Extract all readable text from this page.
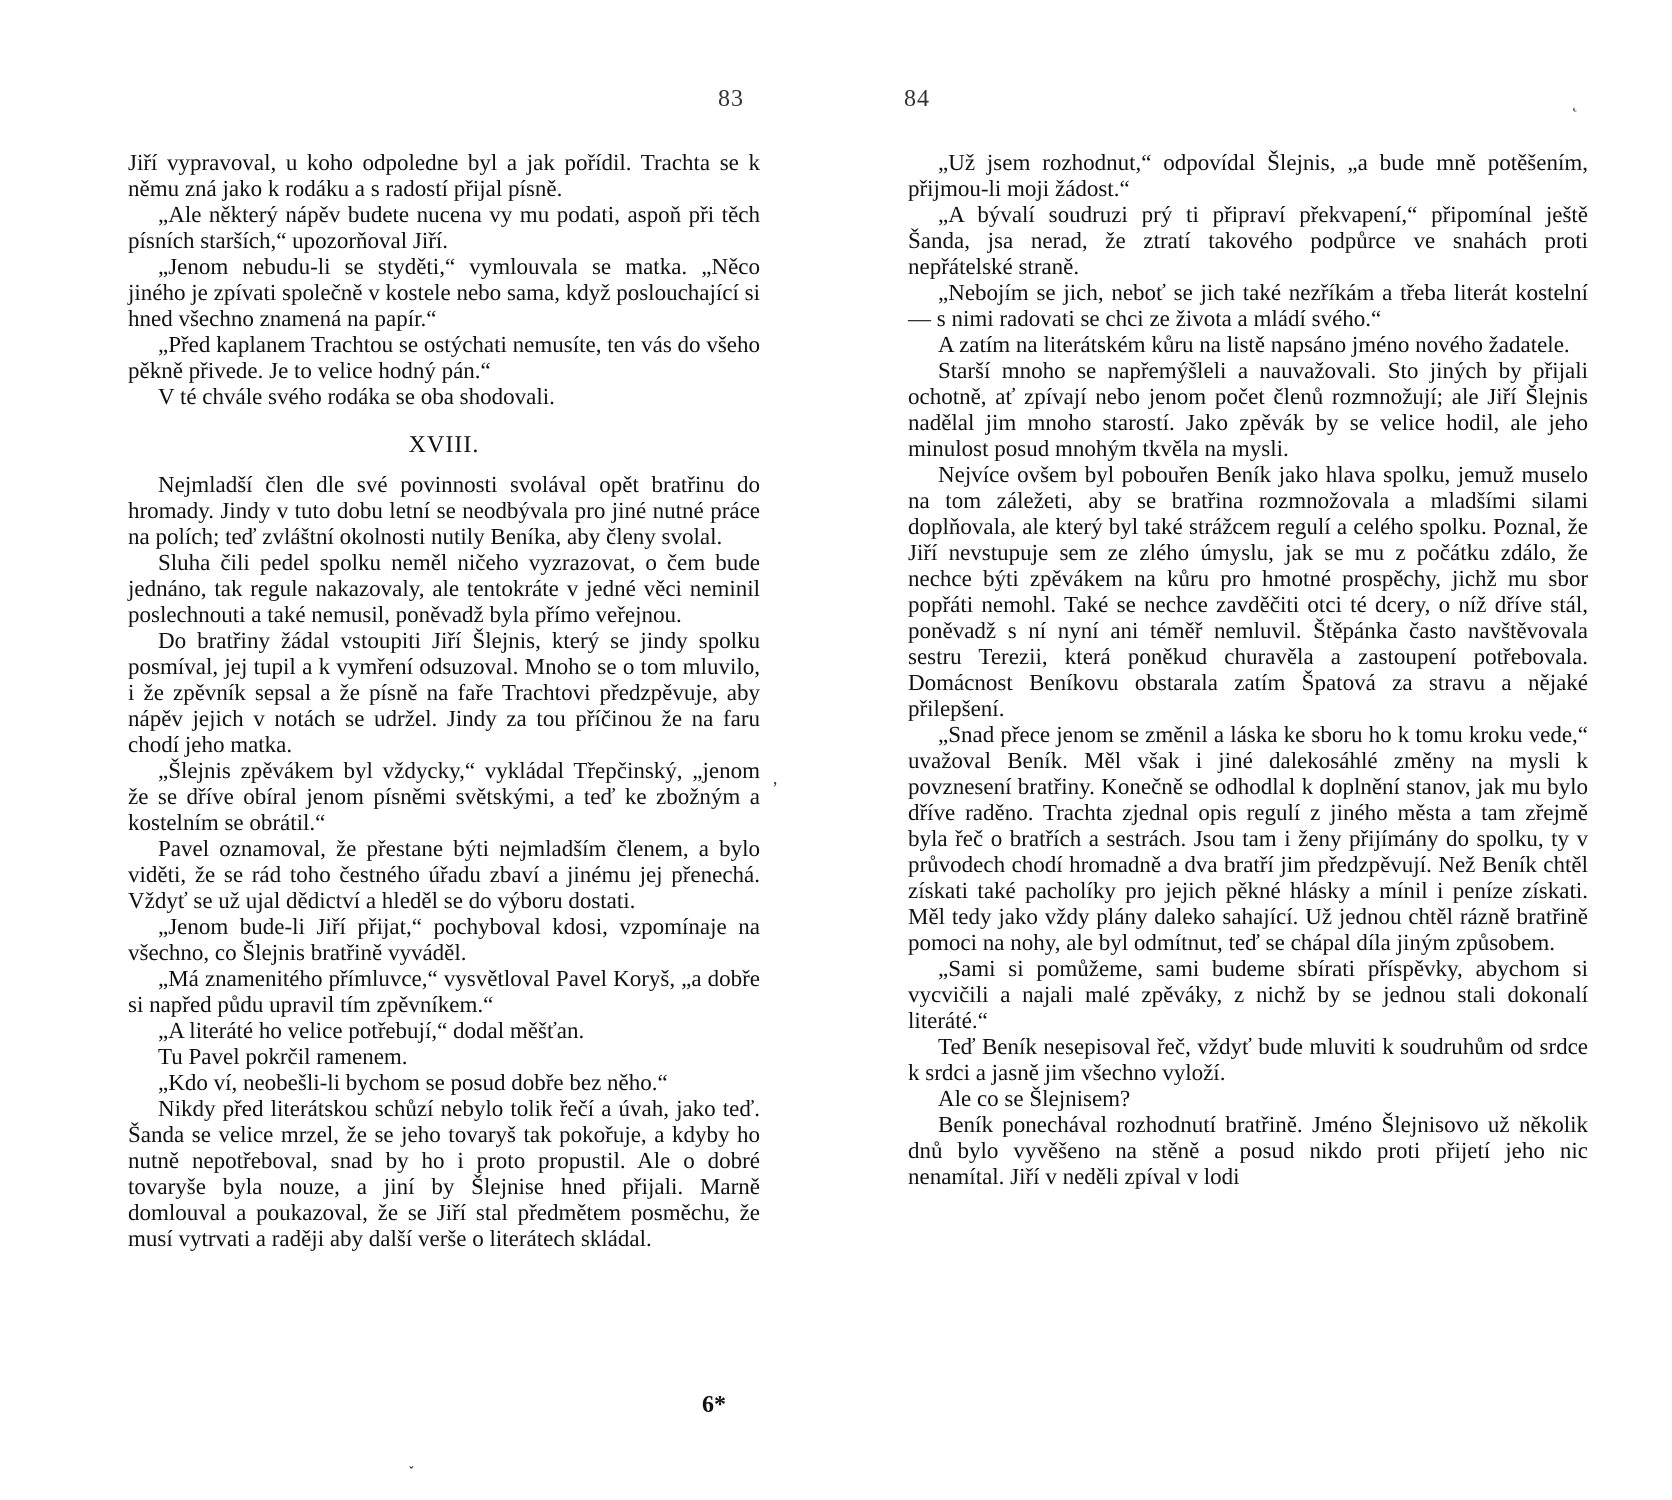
83

Jiří vypravoval, u koho odpoledne byl a jak pořídil. Trachta se k němu zná jako k rodáku a s radostí přijal písně.

„Ale některý nápěv budete nucena vy mu podati, aspoň při těch písních starších,“ upozorňoval Jiří.

„Jenom nebudu-li se styděti,“ vymlouvala se matka. „Něco jiného je zpívati společně v kostele nebo sama, když poslouchající si hned všechno znamená na papír.“

„Před kaplanem Trachtou se ostýchati nemusíte, ten vás do všeho pěkně přivede. Je to velice hodný pán.“

V té chvále svého rodáka se oba shodovali.

XVIII.

Nejmladší člen dle své povinnosti svolával opět bratřinu do hromady. Jindy v tuto dobu letní se neodbývala pro jiné nutné práce na polích; teď zvláštní okolnosti nutily Beníka, aby členy svolal.

Sluha čili pedel spolku neměl ničeho vyzrazovat, o čem bude jednáno, tak regule nakazovaly, ale tentokráte v jedné věci neminil poslechnouti a také nemusil, poněvadž byla přímo veřejnou.

Do bratřiny žádal vstoupiti Jiří Šlejnis, který se jindy spolku posmíval, jej tupil a k vymření odsuzoval. Mnoho se o tom mluvilo, i že zpěvník sepsal a že písně na faře Trachtovi předzpěvuje, aby nápěv jejich v notách se udržel. Jindy za tou příčinou že na faru chodí jeho matka.

„Šlejnis zpěvákem byl vždycky,“ vykládal Třepčinský, „jenom že se dříve obíral jenom písněmi světskými, a teď ke zbožným a kostelním se obrátil.“

Pavel oznamoval, že přestane býti nejmladším členem, a bylo viděti, že se rád toho čestného úřadu zbaví a jinému jej přenechá. Vždyť se už ujal dědictví a hleděl se do výboru dostati.

„Jenom bude-li Jiří přijat,“ pochyboval kdosi, vzpomínaje na všechno, co Šlejnis bratřině vyváděl.

„Má znamenitého přímluvce,“ vysvětloval Pavel Koryš, „a dobře si napřed půdu upravil tím zpěvníkem.“

„A literáté ho velice potřebují,“ dodal měšťan.

Tu Pavel pokrčil ramenem.

„Kdo ví, neobešli-li bychom se posud dobře bez něho.“

Nikdy před literátskou schůzí nebylo tolik řečí a úvah, jako teď. Šanda se velice mrzel, že se jeho tovaryš tak pokořuje, a kdyby ho nutně nepotřeboval, snad by ho i proto propustil. Ale o dobré tovaryše byla nouze, a jiní by Šlejnise hned přijali. Marně domlouval a poukazoval, že se Jiří stal předmětem posměchu, že musí vytrvati a raději aby další verše o literátech skládal.

ʼ
6*
˯
84	˛

„Už jsem rozhodnut,“ odpovídal Šlejnis, „a bude mně potěšením, přijmou-li moji žádost.“

„A bývalí soudruzi prý ti připraví překvapení,“ připomínal ještě Šanda, jsa nerad, že ztratí takového podpůrce ve snahách proti nepřátelské straně.

„Nebojím se jich, neboť se jich také nezříkám a třeba literát kostelní — s nimi radovati se chci ze života a mládí svého.“

A zatím na literátském kůru na listě napsáno jméno nového žadatele.

Starší mnoho se napřemýšleli a nauvažovali. Sto jiných by přijali ochotně, ať zpívají nebo jenom počet členů rozmnožují; ale Jiří Šlejnis nadělal jim mnoho starostí. Jako zpěvák by se velice hodil, ale jeho minulost posud mnohým tkvěla na mysli.

Nejvíce ovšem byl pobouřen Beník jako hlava spolku, jemuž muselo na tom záležeti, aby se bratřina rozmnožovala a mladšími silami doplňovala, ale který byl také strážcem regulí a celého spolku. Poznal, že Jiří nevstupuje sem ze zlého úmyslu, jak se mu z počátku zdálo, že nechce býti zpěvákem na kůru pro hmotné prospěchy, jichž mu sbor popřáti nemohl. Také se nechce zavděčiti otci té dcery, o níž dříve stál, poněvadž s ní nyní ani téměř nemluvil. Štěpánka často navštěvovala sestru Terezii, která poněkud churavěla a zastoupení potřebovala. Domácnost Beníkovu obstarala zatím Špatová za stravu a nějaké přilepšení.

„Snad přece jenom se změnil a láska ke sboru ho k tomu kroku vede,“ uvažoval Beník. Měl však i jiné dalekosáhlé změny na mysli k povznesení bratřiny. Konečně se odhodlal k doplnění stanov, jak mu bylo dříve raděno. Trachta zjednal opis regulí z jiného města a tam zřejmě byla řeč o bratřích a sestrách. Jsou tam i ženy přijímány do spolku, ty v průvodech chodí hromadně a dva bratří jim předzpěvují. Než Beník chtěl získati také pacholíky pro jejich pěkné hlásky a mínil i peníze získati. Měl tedy jako vždy plány daleko sahající. Už jednou chtěl rázně bratřině pomoci na nohy, ale byl odmítnut, teď se chápal díla jiným způsobem.

„Sami si pomůžeme, sami budeme sbírati příspěvky, abychom si vycvičili a najali malé zpěváky, z nichž by se jednou stali dokonalí literáté.“

Teď Beník nesepisoval řeč, vždyť bude mluviti k soudruhům od srdce k srdci a jasně jim všechno vyloží.

Ale co se Šlejnisem?

Beník ponechával rozhodnutí bratřině. Jméno Šlejnisovo už několik dnů bylo vyvěšeno na stěně a posud nikdo proti přijetí jeho nic nenamítal. Jiří v neděli zpíval v lodi
